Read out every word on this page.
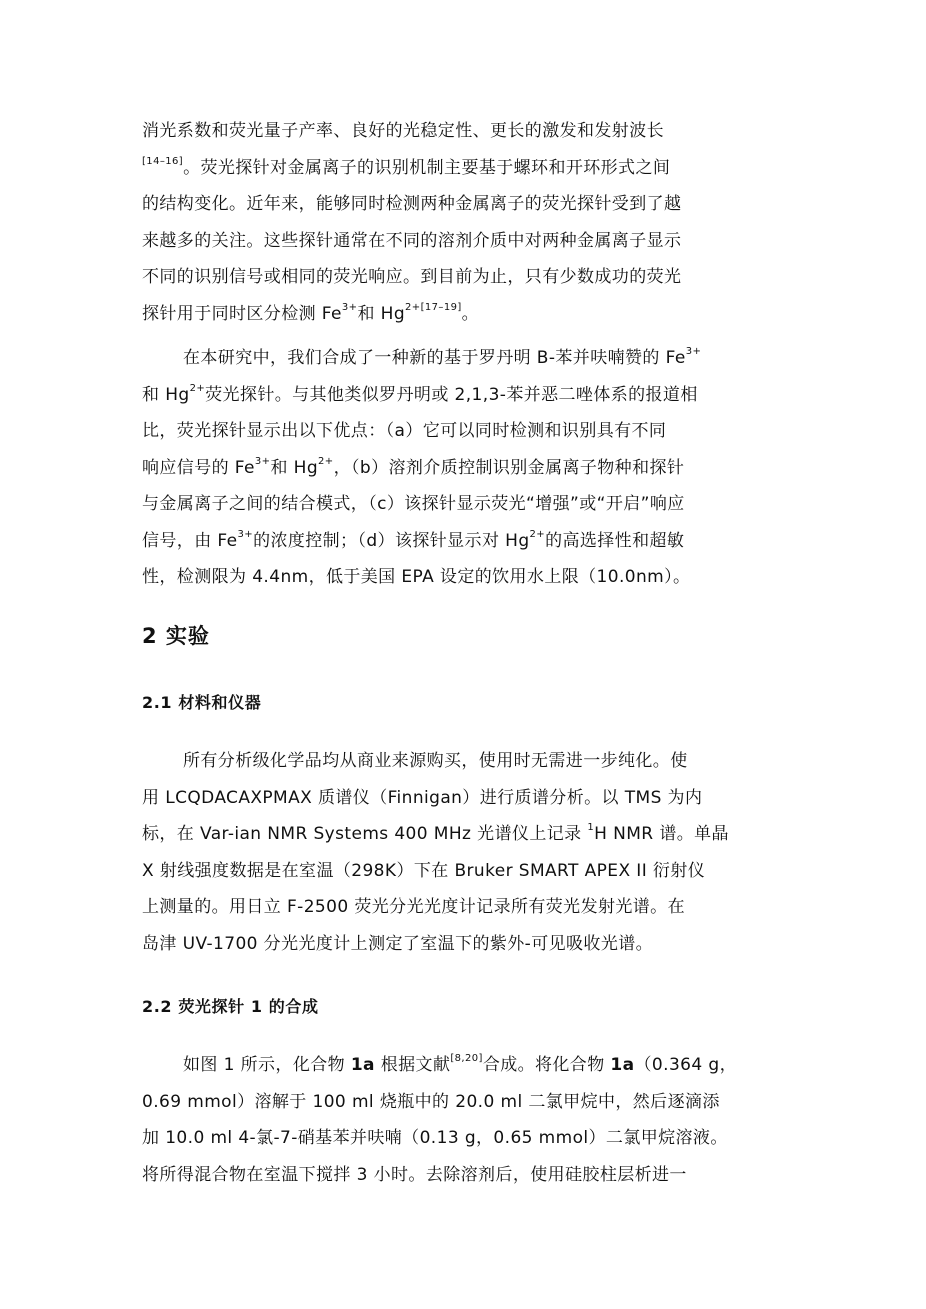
消光系数和荧光量子产率、良好的光稳定性、更长的激发和发射波长
[14–16]。荧光探针对金属离子的识别机制主要基于螺环和开环形式之间
的结构变化。近年来，能够同时检测两种金属离子的荧光探针受到了越
来越多的关注。这些探针通常在不同的溶剂介质中对两种金属离子显示
不同的识别信号或相同的荧光响应。到目前为止，只有少数成功的荧光
探针用于同时区分检测 $Fe^{3+}$和 $Hg^{2+[17-19]}$。
在本研究中，我们合成了一种新的基于罗丹明 B-苯并呋喃赞的 $Fe^{3+}$
和 $Hg^{2+}$荧光探针。与其他类似罗丹明或 2,1,3-苯并恶二唑体系的报道相
比，荧光探针显示出以下优点：（a）它可以同时检测和识别具有不同
响应信号的 $Fe^{3+}$和 $Hg^{2+}$，（b）溶剂介质控制识别金属离子物种和探针
与金属离子之间的结合模式，（c）该探针显示荧光“增强”或“开启”响应
信号，由 $Fe^{3+}$的浓度控制；（d）该探针显示对 $Hg^{2+}$的高选择性和超敏
性，检测限为 4.4nm，低于美国 EPA 设定的饮用水上限（10.0nm）。
2 实验
2.1 材料和仪器
所有分析级化学品均从商业来源购买，使用时无需进一步纯化。使
用 LCQDACAXPMAX 质谱仪（Finnigan）进行质谱分析。以 TMS 为内
标，在 Var-ian NMR Systems 400 MHz 光谱仪上记录 $^1$H NMR 谱。单晶
X 射线强度数据是在室温（298K）下在 Bruker SMART APEX II 衍射仪
上测量的。用日立 F-2500 荧光分光光度计记录所有荧光发射光谱。在
岛津 UV-1700 分光光度计上测定了室温下的紫外-可见吸收光谱。
2.2 荧光探针 1 的合成
如图 1 所示，化合物 1a 根据文献[8,20]合成。将化合物 1a（0.364 g，
0.69 mmol）溶解于 100 ml 烧瓶中的 20.0 ml 二氯甲烷中，然后逐滴添
加 10.0 ml 4-氯-7-硝基苯并呋喃（0.13 g，0.65 mmol）二氯甲烷溶液。
将所得混合物在室温下搅拌 3 小时。去除溶剂后，使用硅胶柱层析进一
